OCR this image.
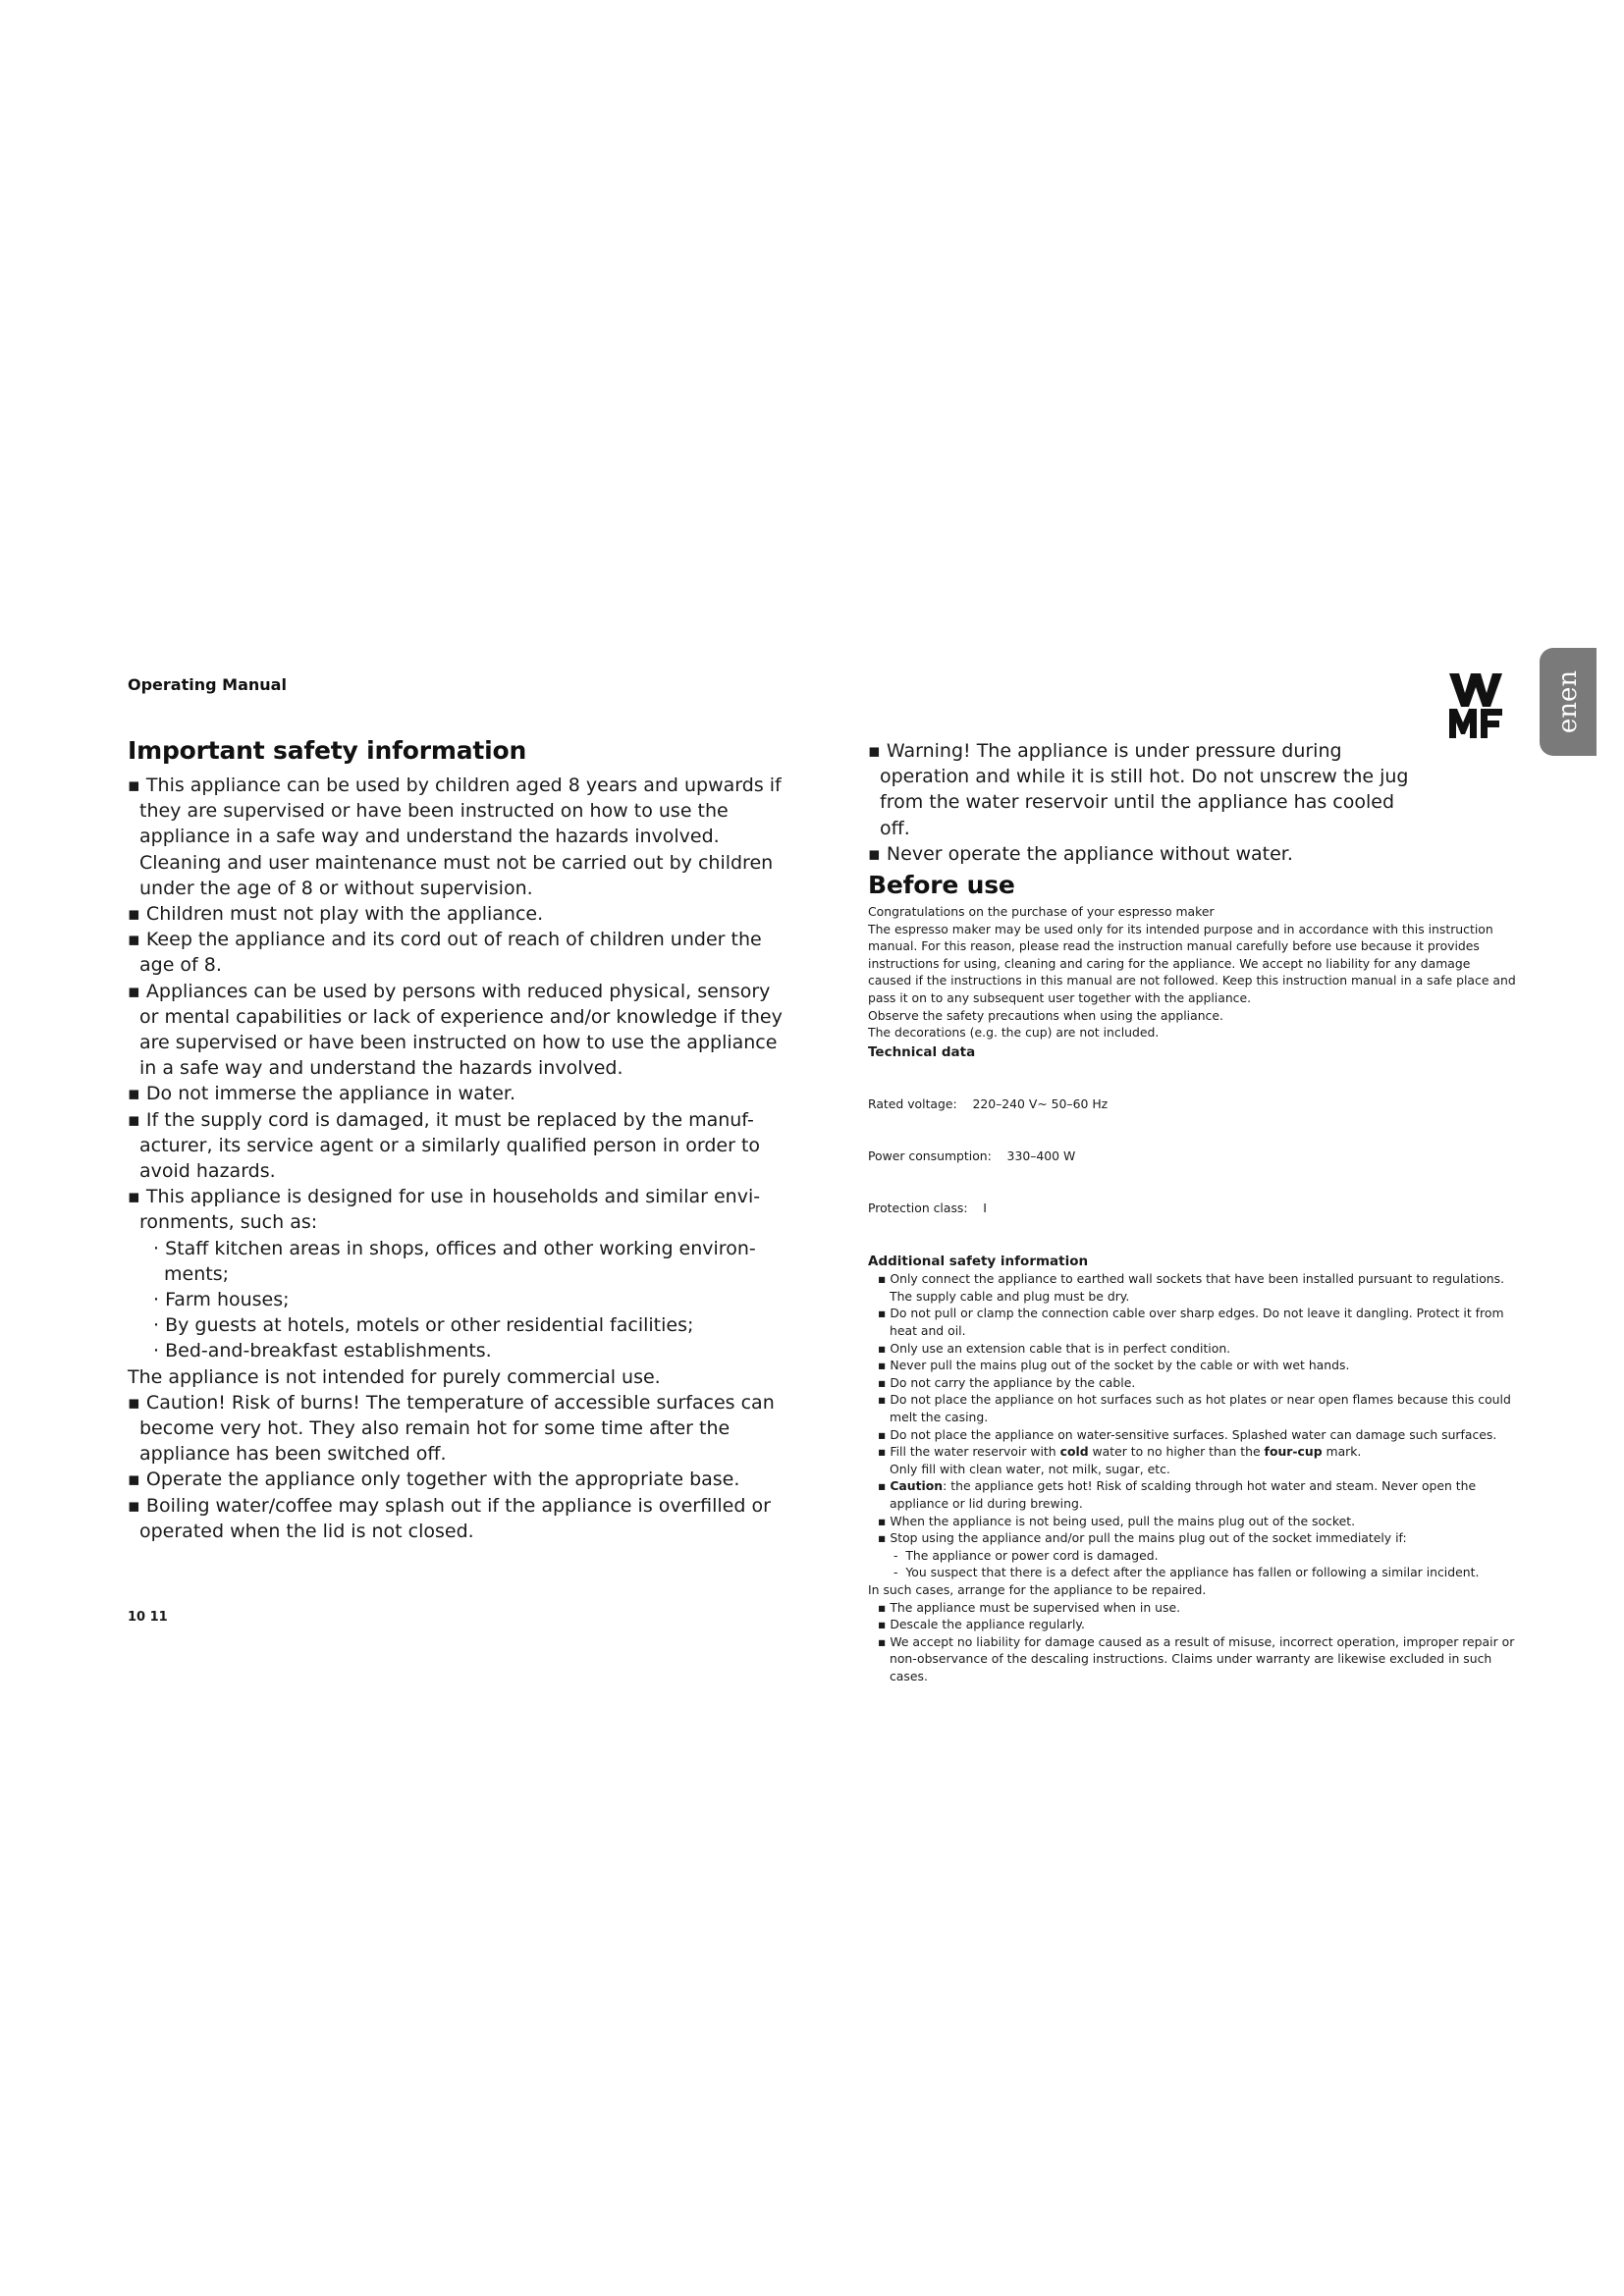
Operating Manual	enen
Important safety information

▪ This appliance can be used by children aged 8 years and upwards if they are supervised or have been instructed on how to use the appliance in a safe way and understand the hazards involved. Cleaning and user maintenance must not be carried out by children under the age of 8 or without supervision.

▪ Children must not play with the appliance.

▪ Keep the appliance and its cord out of reach of children under the age of 8.

▪ Appliances can be used by persons with reduced physical, sensory or mental capabilities or lack of experience and/or knowledge if they are supervised or have been instructed on how to use the appliance in a safe way and understand the hazards involved.

▪ Do not immerse the appliance in water.

▪ If the supply cord is damaged, it must be replaced by the manuf-acturer, its service agent or a similarly qualified person in order to avoid hazards.

▪ This appliance is designed for use in households and similar envi-ronments, such as:

· Staff kitchen areas in shops, offices and other working environ-ments;

· Farm houses;

· By guests at hotels, motels or other residential facilities;

· Bed-and-breakfast establishments.

The appliance is not intended for purely commercial use.

▪ Caution! Risk of burns! The temperature of accessible surfaces can become very hot. They also remain hot for some time after the appliance has been switched off.

▪ Operate the appliance only together with the appropriate base.

▪ Boiling water/coffee may splash out if the appliance is overfilled or operated when the lid is not closed.

▪ Warning! The appliance is under pressure during operation and while it is still hot. Do not unscrew the jug from the water reservoir until the appliance has cooled off.

▪ Never operate the appliance without water.

Before use

Congratulations on the purchase of your espresso maker

The espresso maker may be used only for its intended purpose and in accordance with this instruction manual. For this reason, please read the instruction manual carefully before use because it provides instructions for using, cleaning and caring for the appliance. We accept no liability for any damage caused if the instructions in this manual are not followed. Keep this instruction manual in a safe place and pass it on to any subsequent user together with the appliance.

Observe the safety precautions when using the appliance.

The decorations (e.g. the cup) are not included.

Technical data

Rated voltage:    220–240 V~ 50–60 Hz

Power consumption:    330–400 W

Protection class:    I

Additional safety information

▪ Only connect the appliance to earthed wall sockets that have been installed pursuant to regulations. The supply cable and plug must be dry.

▪ Do not pull or clamp the connection cable over sharp edges. Do not leave it dangling. Protect it from heat and oil.

▪ Only use an extension cable that is in perfect condition.

▪ Never pull the mains plug out of the socket by the cable or with wet hands.

▪ Do not carry the appliance by the cable.

▪ Do not place the appliance on hot surfaces such as hot plates or near open flames because this could melt the casing.

▪ Do not place the appliance on water-sensitive surfaces. Splashed water can damage such surfaces.

▪ Fill the water reservoir with cold water to no higher than the four-cup mark.

Only fill with clean water, not milk, sugar, etc.

▪ Caution: the appliance gets hot! Risk of scalding through hot water and steam. Never open the appliance or lid during brewing.

▪ When the appliance is not being used, pull the mains plug out of the socket.

▪ Stop using the appliance and/or pull the mains plug out of the socket immediately if:

-  The appliance or power cord is damaged.

-  You suspect that there is a defect after the appliance has fallen or following a similar incident.

In such cases, arrange for the appliance to be repaired.

▪ The appliance must be supervised when in use.

▪ Descale the appliance regularly.

▪ We accept no liability for damage caused as a result of misuse, incorrect operation, improper repair or non-observance of the descaling instructions. Claims under warranty are likewise excluded in such cases.

10 11
